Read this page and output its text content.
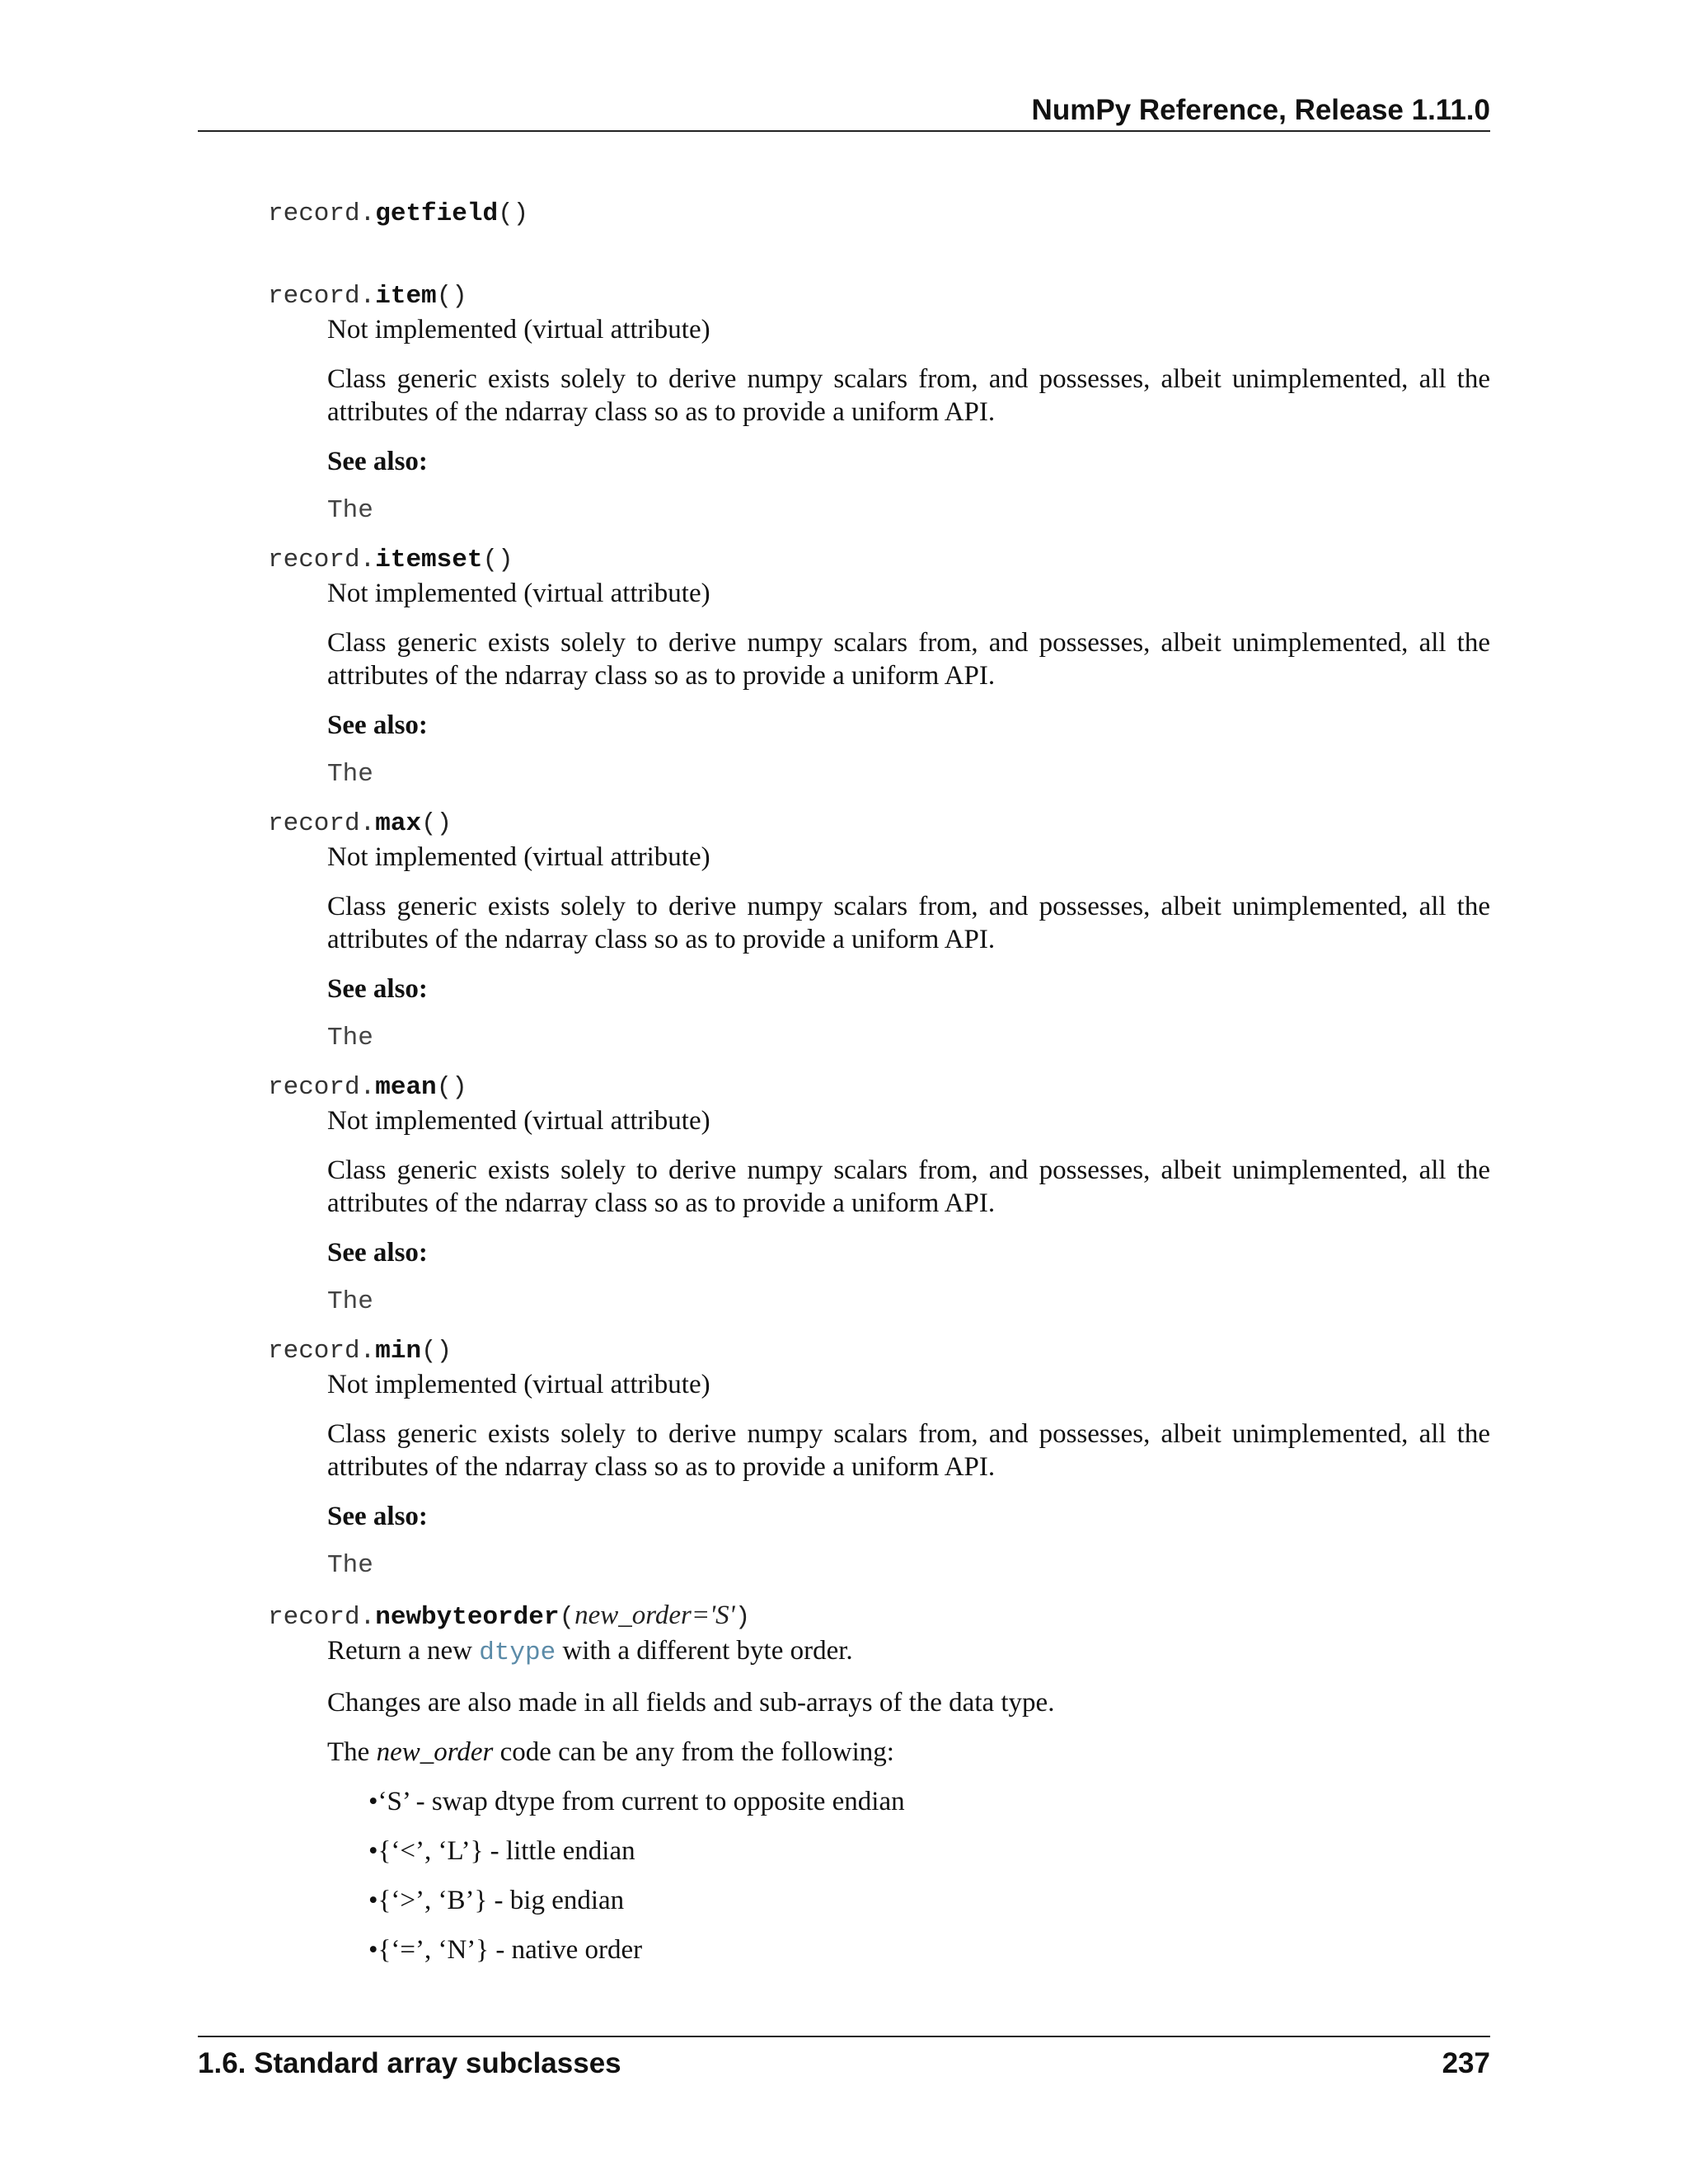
NumPy Reference, Release 1.11.0
record.getfield()
record.item()

Not implemented (virtual attribute)

Class generic exists solely to derive numpy scalars from, and possesses, albeit unimplemented, all the attributes of the ndarray class so as to provide a uniform API.

See also:

The

record.itemset()

Not implemented (virtual attribute)

Class generic exists solely to derive numpy scalars from, and possesses, albeit unimplemented, all the attributes of the ndarray class so as to provide a uniform API.

See also:

The

record.max()

Not implemented (virtual attribute)

Class generic exists solely to derive numpy scalars from, and possesses, albeit unimplemented, all the attributes of the ndarray class so as to provide a uniform API.

See also:

The

record.mean()

Not implemented (virtual attribute)

Class generic exists solely to derive numpy scalars from, and possesses, albeit unimplemented, all the attributes of the ndarray class so as to provide a uniform API.

See also:

The

record.min()

Not implemented (virtual attribute)

Class generic exists solely to derive numpy scalars from, and possesses, albeit unimplemented, all the attributes of the ndarray class so as to provide a uniform API.

See also:

The

record.newbyteorder(new_order='S')

Return a new dtype with a different byte order.

Changes are also made in all fields and sub-arrays of the data type.

The new_order code can be any from the following:

•‘S’ - swap dtype from current to opposite endian
•{‘<’, ‘L’} - little endian
•{‘>’, ‘B’} - big endian
•{‘=’, ‘N’} - native order
1.6. Standard array subclasses	237
